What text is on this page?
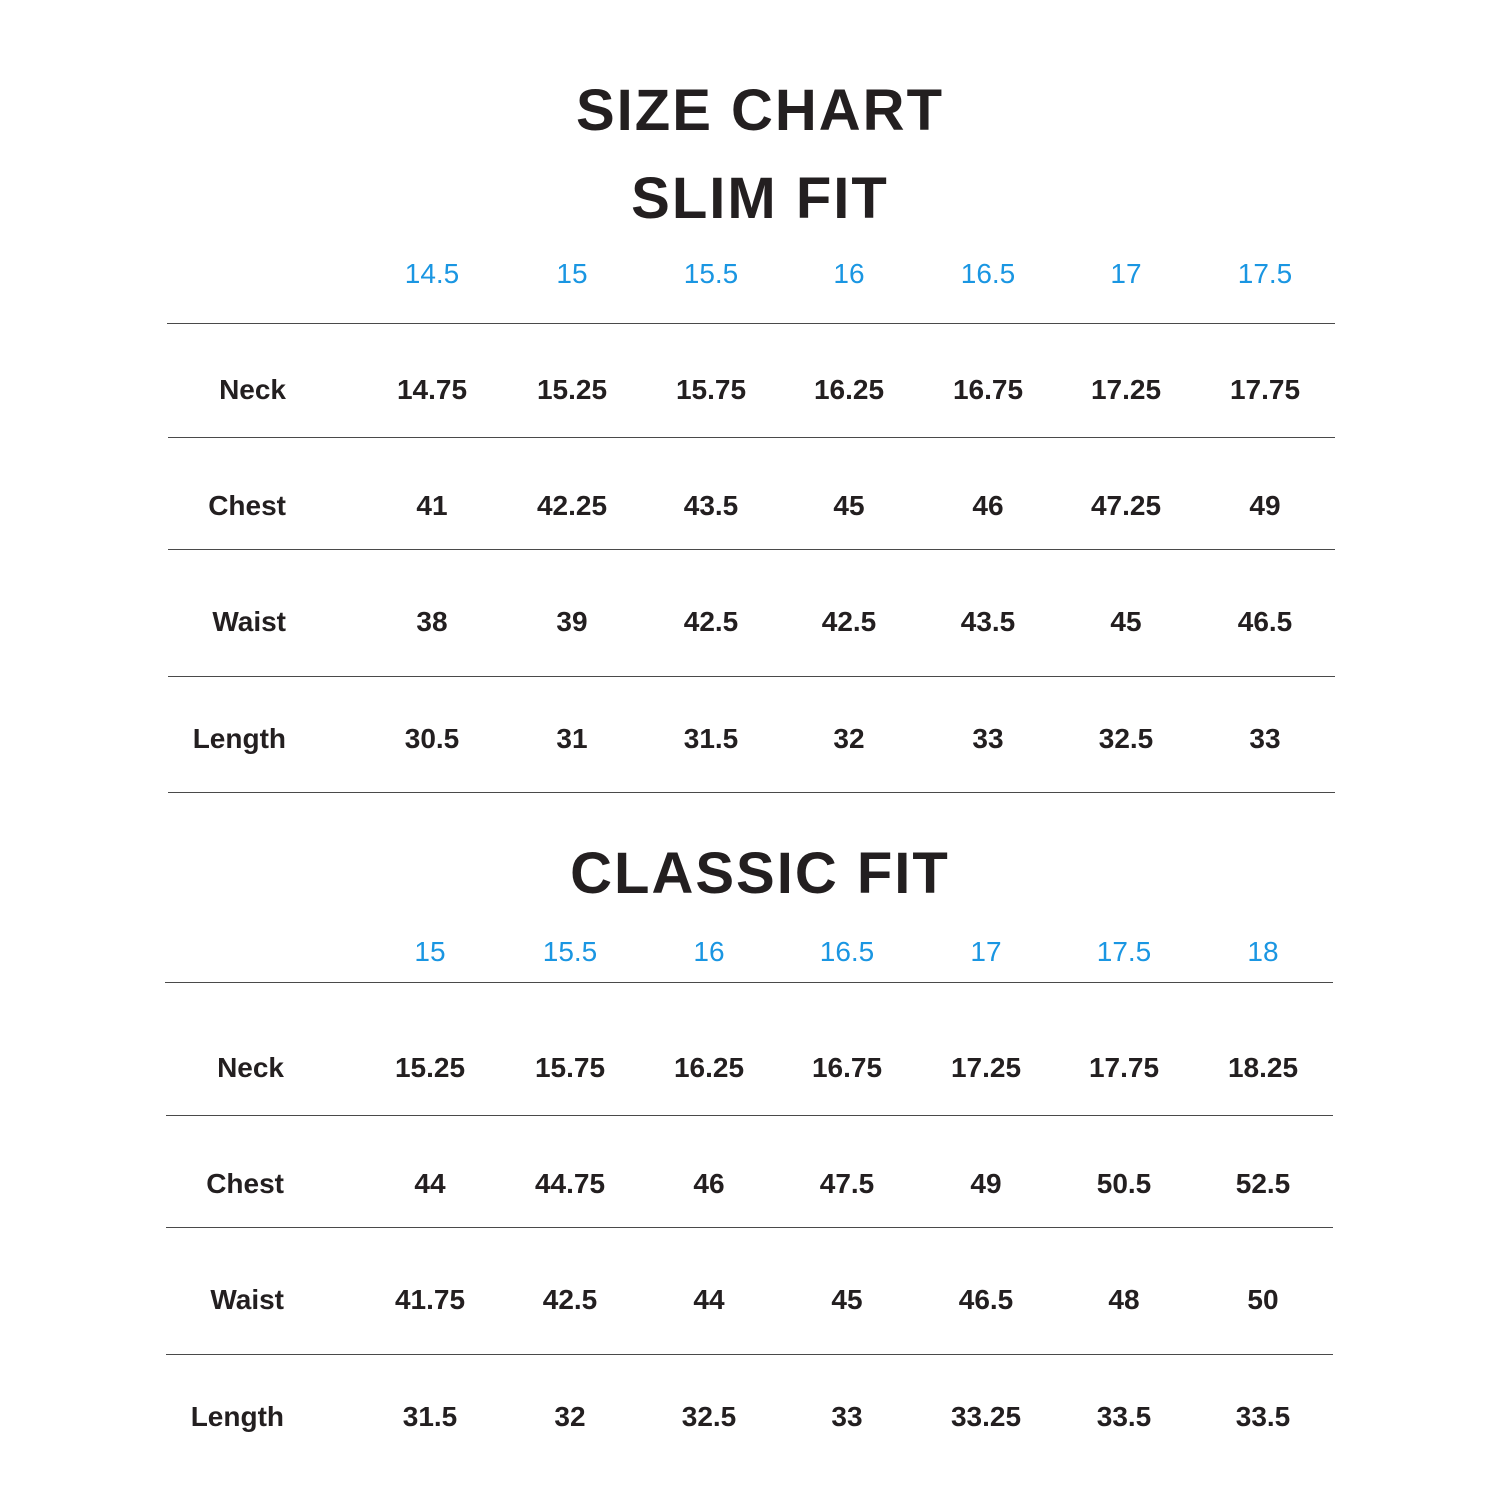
SIZE CHART
SLIM FIT
CLASSIC FIT
14.5	15	15.5	16	16.5	17	17.5
Neck	14.75	15.25	15.75	16.25	16.75	17.25	17.75
Chest	41	42.25	43.5	45	46	47.25	49
Waist	38	39	42.5	42.5	43.5	45	46.5
Length	30.5	31	31.5	32	33	32.5	33
15	15.5	16	16.5	17	17.5	18
Neck	15.25	15.75	16.25	16.75	17.25	17.75	18.25
Chest	44	44.75	46	47.5	49	50.5	52.5
Waist	41.75	42.5	44	45	46.5	48	50
Length	31.5	32	32.5	33	33.25	33.5	33.5
